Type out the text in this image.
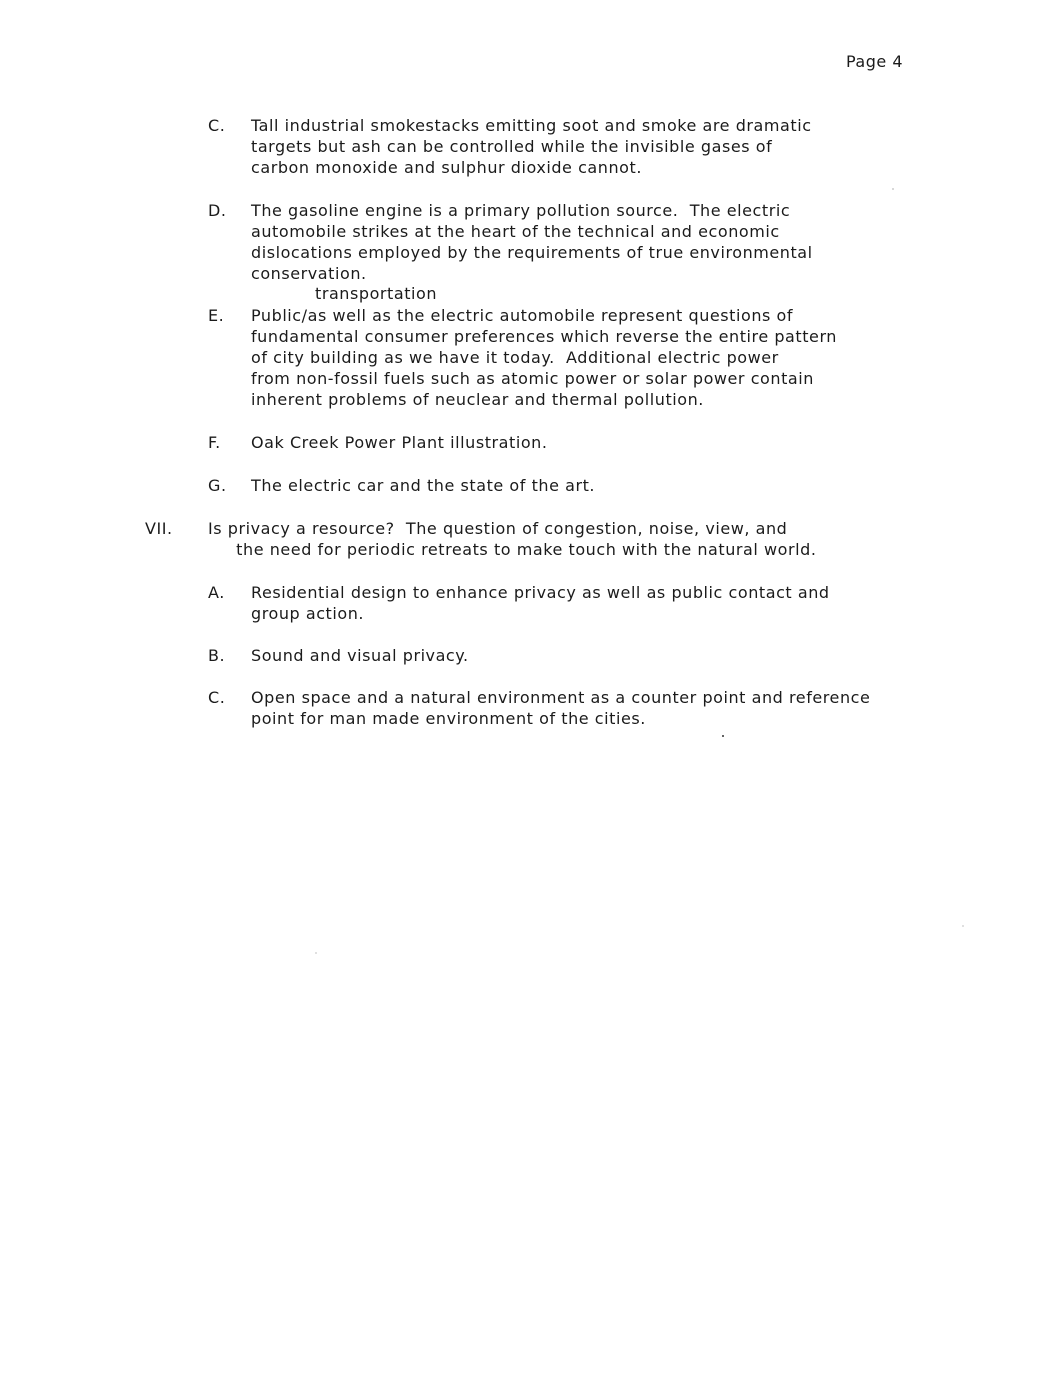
Page 4
C. Tall industrial smokestacks emitting soot and smoke are dramatic
targets but ash can be controlled while the invisible gases of
carbon monoxide and sulphur dioxide cannot.
D. The gasoline engine is a primary pollution source.  The electric
automobile strikes at the heart of the technical and economic
dislocations employed by the requirements of true environmental
conservation.
transportation
E. Public/as well as the electric automobile represent questions of
fundamental consumer preferences which reverse the entire pattern
of city building as we have it today.  Additional electric power
from non-fossil fuels such as atomic power or solar power contain
inherent problems of neuclear and thermal pollution.
F. Oak Creek Power Plant illustration.
G. The electric car and the state of the art.
VII. Is privacy a resource?  The question of congestion, noise, view, and
the need for periodic retreats to make touch with the natural world.
A. Residential design to enhance privacy as well as public contact and
group action.
B. Sound and visual privacy.
C. Open space and a natural environment as a counter point and reference
point for man made environment of the cities.
